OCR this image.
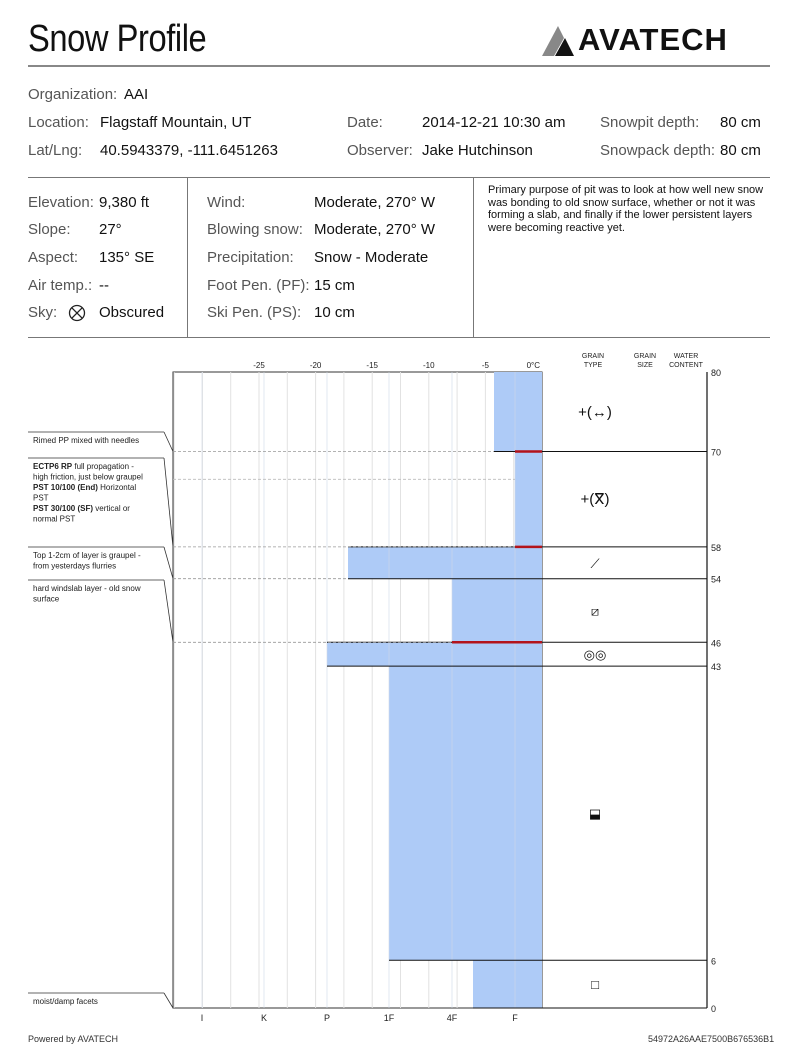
Snow Profile	AVATECH
Organization: AAI
Location: Flagstaff Mountain, UT	Date:	2014-12-21 10:30 am Snowpit depth: 80 cm
Lat/Lng: 40.5943379, -111.6451263	Observer: Jake Hutchinson	Snowpack depth: 80 cm
Elevation: 9,380 ft
Slope: 27°
Aspect: 135° SE
Air temp.: --
Sky:	Obscured
Wind:	Moderate, 270° W
Blowing snow: Moderate, 270° W
Precipitation: Snow - Moderate
Foot Pen. (PF): 15 cm
Ski Pen. (PS): 10 cm
Primary purpose of pit was to look at how well new snow was bonding to old snow surface, whether or not it was forming a slab, and finally if the lower persistent layers were becoming reactive yet.
80
70
58
54
46
43
6
0
-25	-20	-15	-10	-5	0°C
I	K	P	1F	4F	F
GRAIN
TYPE
GRAIN
SIZE
WATER
CONTENT
+(↔)
+(ⴳ)
⟋
⧄
◎◎
⬓
□
Rimed PP mixed with needles
ECTP6 RP full propagation -
high friction, just below graupel
PST 10/100 (End) Horizontal
PST
PST 30/100 (SF) vertical or
normal PST
Top 1-2cm of layer is graupel -
from yesterdays flurries
hard windslab layer - old snow
surface
moist/damp facets
Powered by AVATECH	54972A26AAE7500B676536B1
